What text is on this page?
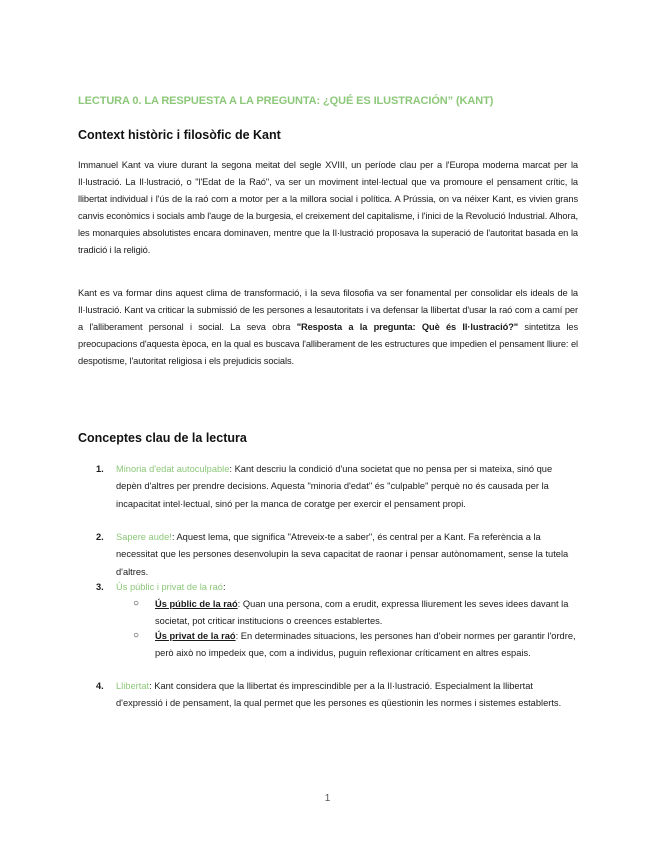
LECTURA 0. LA RESPUESTA A LA PREGUNTA: ¿QUÉ ES ILUSTRACIÓN” (KANT)
Context històric i filosòfic de Kant
Immanuel Kant va viure durant la segona meitat del segle XVIII, un període clau per a l'Europa moderna marcat per la Il·lustració. La Il·lustració, o "l'Edat de la Raó", va ser un moviment intel·lectual que va promoure el pensament crític, la llibertat individual i l'ús de la raó com a motor per a la millora social i política. A Prússia, on va néixer Kant, es vivien grans canvis econòmics i socials amb l'auge de la burgesia, el creixement del capitalisme, i l'inici de la Revolució Industrial. Alhora, les monarquies absolutistes encara dominaven, mentre que la Il·lustració proposava la superació de l'autoritat basada en la tradició i la religió.
Kant es va formar dins aquest clima de transformació, i la seva filosofia va ser fonamental per consolidar els ideals de la Il·lustració. Kant va criticar la submissió de les persones a lesautoritats i va defensar la llibertat d'usar la raó com a camí per a l'alliberament personal i social. La seva obra "Resposta a la pregunta: Què és Il·lustració?" sintetitza les preocupacions d'aquesta època, en la qual es buscava l'alliberament de les estructures que impedien el pensament lliure: el despotisme, l'autoritat religiosa i els prejudicis socials.
Conceptes clau de la lectura
1.	Minoria d'edat autoculpable: Kant descriu la condició d'una societat que no pensa per si mateixa, sinó que depèn d'altres per prendre decisions. Aquesta "minoria d'edat" és "culpable" perquè no és causada per la incapacitat intel·lectual, sinó per la manca de coratge per exercir el pensament propi.
2.	Sapere aude!: Aquest lema, que significa "Atreveix-te a saber", és central per a Kant. Fa referència a la necessitat que les persones desenvolupin la seva capacitat de raonar i pensar autònomament, sense la tutela d'altres.
3.	Ús públic i privat de la raó:
○ Ús públic de la raó: Quan una persona, com a erudit, expressa lliurement les seves idees davant la societat, pot criticar institucions o creences establertes.
○ Ús privat de la raó: En determinades situacions, les persones han d'obeir normes per garantir l'ordre, però això no impedeix que, com a individus, puguin reflexionar críticament en altres espais.
4.	Llibertat: Kant considera que la llibertat és imprescindible per a la Il·lustració. Especialment la llibertat d'expressió i de pensament, la qual permet que les persones es qüestionin les normes i sistemes establerts.
1
